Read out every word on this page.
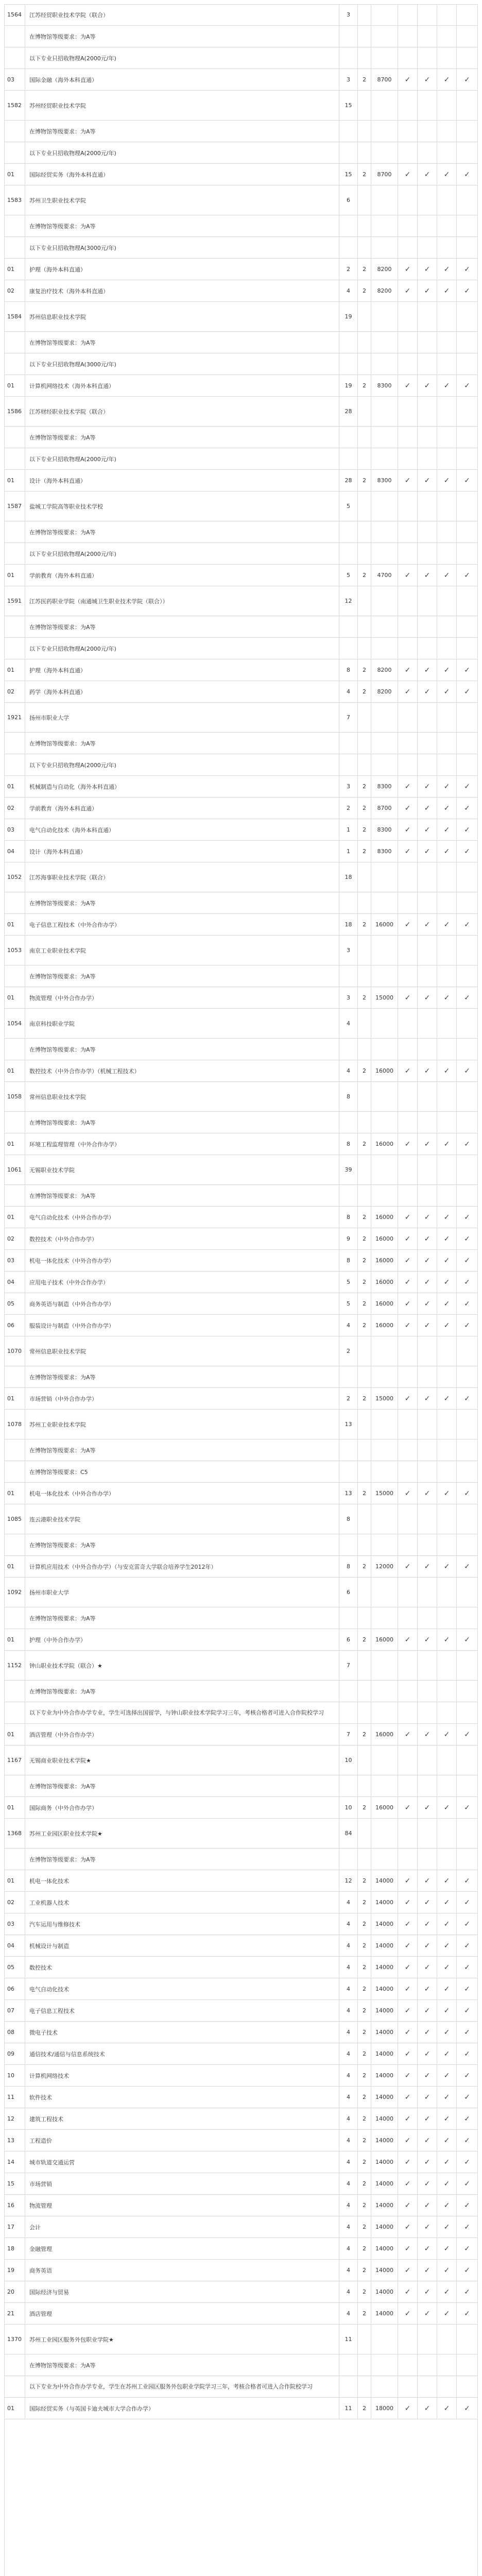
1564 江苏经贸职业技术学院（联合）	3
在博物馆等级要求：为A等
以下专业只招收物理A(2000元/年)
03	国际金融（海外本科直通）	3 2 8700 ✓ ✓ ✓ ✓
1582 苏州经贸职业技术学院	15
在博物馆等级要求：为A等
以下专业只招收物理A(2000元/年)
01	国际经贸实务（海外本科直通）	15 2 8700 ✓ ✓ ✓ ✓
1583 苏州卫生职业技术学院	6
在博物馆等级要求：为A等
以下专业只招收物理A(3000元/年)
01	护理（海外本科直通）	2 2 8200 ✓ ✓ ✓ ✓
02	康复治疗技术（海外本科直通）	4 2 8200 ✓ ✓ ✓ ✓
1584 苏州信息职业技术学院	19
在博物馆等级要求：为A等
以下专业只招收物理A(3000元/年)
01	计算机网络技术（海外本科直通）	19 2 8300 ✓ ✓ ✓ ✓
1586 江苏财经职业技术学院（联合）	28
在博物馆等级要求：为A等
以下专业只招收物理A(2000元/年)
01	设计（海外本科直通）	28 2 8300 ✓ ✓ ✓ ✓
1587 盐城工学院高等职业技术学校	5
在博物馆等级要求：为A等
以下专业只招收物理A(2000元/年)
01	学前教育（海外本科直通）	5 2 4700 ✓ ✓ ✓ ✓
1591 江苏医药职业学院（南通城卫生职业技术学院（联合））	12
在博物馆等级要求：为A等
以下专业只招收物理A(2000元/年)
01	护理（海外本科直通）	8 2 8200 ✓ ✓ ✓ ✓
02	药学（海外本科直通）	4 2 8200 ✓ ✓ ✓ ✓
1921 扬州市职业大学	7
在博物馆等级要求：为A等
以下专业只招收物理A(2000元/年)
01	机械制造与自动化（海外本科直通）	3 2 8300 ✓ ✓ ✓ ✓
02	学前教育（海外本科直通）	2 2 8700 ✓ ✓ ✓ ✓
03	电气自动化技术（海外本科直通）	1 2 8300 ✓ ✓ ✓ ✓
04	设计（海外本科直通）	1 2 8300 ✓ ✓ ✓ ✓
1052 江苏海事职业技术学院（联合）	18
在博物馆等级要求：为A等
01	电子信息工程技术（中外合作办学）	18 2 16000 ✓ ✓ ✓ ✓
1053 南京工业职业技术学院	3
在博物馆等级要求：为A等
01	物流管理（中外合作办学）	3 2 15000 ✓ ✓ ✓ ✓
1054 南京科技职业学院	4
在博物馆等级要求：为A等
01	数控技术（中外合作办学）（机械工程技术）	4 2 16000 ✓ ✓ ✓ ✓
1058 常州信息职业技术学院	8
在博物馆等级要求：为A等
01	环境工程监理管理（中外合作办学）	8 2 16000 ✓ ✓ ✓ ✓
1061 无锡职业技术学院	39
在博物馆等级要求：为A等
01	电气自动化技术（中外合作办学）	8 2 16000 ✓ ✓ ✓ ✓
02	数控技术（中外合作办学）	9 2 16000 ✓ ✓ ✓ ✓
03	机电一体化技术（中外合作办学）	8 2 16000 ✓ ✓ ✓ ✓
04	应用电子技术（中外合作办学）	5 2 16000 ✓ ✓ ✓ ✓
05	商务英语与制造（中外合作办学）	5 2 16000 ✓ ✓ ✓ ✓
06	服装设计与制造（中外合作办学）	4 2 16000 ✓ ✓ ✓ ✓
1070 常州信息职业技术学院	2
在博物馆等级要求：为A等
01	市场营销（中外合作办学）	2 2 15000 ✓ ✓ ✓ ✓
1078 苏州工业职业技术学院	13
在博物馆等级要求：为A等
在博物馆等级要求：C5
01	机电一体化技术（中外合作办学）	13 2 15000 ✓ ✓ ✓ ✓
1085 连云港职业技术学院	8
在博物馆等级要求：为A等
01	计算机应用技术（中外合作办学）（与安克雷奇大学联合培养学生2012年）	8 2 12000 ✓ ✓ ✓ ✓
1092 扬州市职业大学	6
在博物馆等级要求：为A等
01	护理（中外合作办学）	6 2 16000 ✓ ✓ ✓ ✓
1152 钟山职业技术学院（联合）★	7
在博物馆等级要求：为A等
以下专业为中外合作办学专业，学生可选择出国留学，与钟山职业技术学院学习三年，考核合格者可进入合作院校学习
01	酒店管理（中外合作办学）	7 2 16000 ✓ ✓ ✓ ✓
1167 无锡商业职业技术学院★	10
在博物馆等级要求：为A等
01	国际商务（中外合作办学）	10 2 16000 ✓ ✓ ✓ ✓
1368 苏州工业园区职业技术学院★	84
在博物馆等级要求：为A等
01	机电一体化技术	12 2 14000 ✓ ✓ ✓ ✓
02	工业机器人技术	4 2 14000 ✓ ✓ ✓ ✓
03	汽车运用与维修技术	4 2 14000 ✓ ✓ ✓ ✓
04	机械设计与制造	4 2 14000 ✓ ✓ ✓ ✓
05	数控技术	4 2 14000 ✓ ✓ ✓ ✓
06	电气自动化技术	4 2 14000 ✓ ✓ ✓ ✓
07	电子信息工程技术	4 2 14000 ✓ ✓ ✓ ✓
08	微电子技术	4 2 14000 ✓ ✓ ✓ ✓
09	通信技术/通信与信息系统技术	4 2 14000 ✓ ✓ ✓ ✓
10	计算机网络技术	4 2 14000 ✓ ✓ ✓ ✓
11	软件技术	4 2 14000 ✓ ✓ ✓ ✓
12	建筑工程技术	4 2 14000 ✓ ✓ ✓ ✓
13	工程造价	4 2 14000 ✓ ✓ ✓ ✓
14	城市轨道交通运营	4 2 14000 ✓ ✓ ✓ ✓
15	市场营销	4 2 14000 ✓ ✓ ✓ ✓
16	物流管理	4 2 14000 ✓ ✓ ✓ ✓
17	会计	4 2 14000 ✓ ✓ ✓ ✓
18	金融管理	4 2 14000 ✓ ✓ ✓ ✓
19	商务英语	4 2 14000 ✓ ✓ ✓ ✓
20	国际经济与贸易	4 2 14000 ✓ ✓ ✓ ✓
21	酒店管理	4 2 14000 ✓ ✓ ✓ ✓
1370 苏州工业园区服务外包职业学院★	11
在博物馆等级要求：为A等
以下专业为中外合作办学专业，学生在苏州工业园区服务外包职业学院学习三年，考核合格者可进入合作院校学习
01	国际经贸实务（与英国卡迪夫城市大学合作办学）	11 2 18000 ✓ ✓ ✓ ✓
